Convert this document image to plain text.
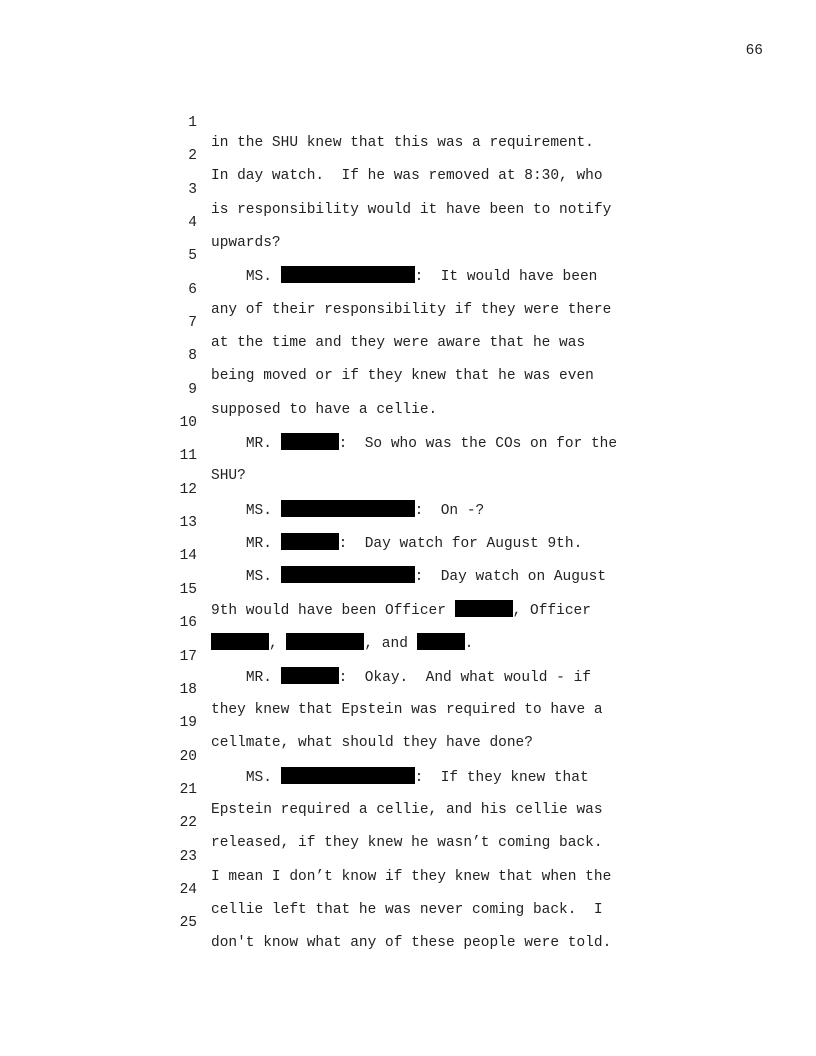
66

1

in the SHU knew that this was a requirement.

2

In day watch.  If he was removed at 8:30, who

3

is responsibility would it have been to notify

4

upwards?

5

MS.	:  It would have been

6

any of their responsibility if they were there

7

at the time and they were aware that he was

8

being moved or if they knew that he was even

9

supposed to have a cellie.

10

MR.	:  So who was the COs on for the

11

SHU?

12

MS.	:  On -?

13

MR.	:  Day watch for August 9th.

14

MS.	:  Day watch on August

15

9th would have been Officer	, Officer

16

,	, and	.

17

MR.	:  Okay.  And what would - if

18

they knew that Epstein was required to have a

19

cellmate, what should they have done?

20

MS.	:  If they knew that

21

Epstein required a cellie, and his cellie was

22

released, if they knew he wasn’t coming back.

23

I mean I don’t know if they knew that when the

24

cellie left that he was never coming back.  I

25

don't know what any of these people were told.
